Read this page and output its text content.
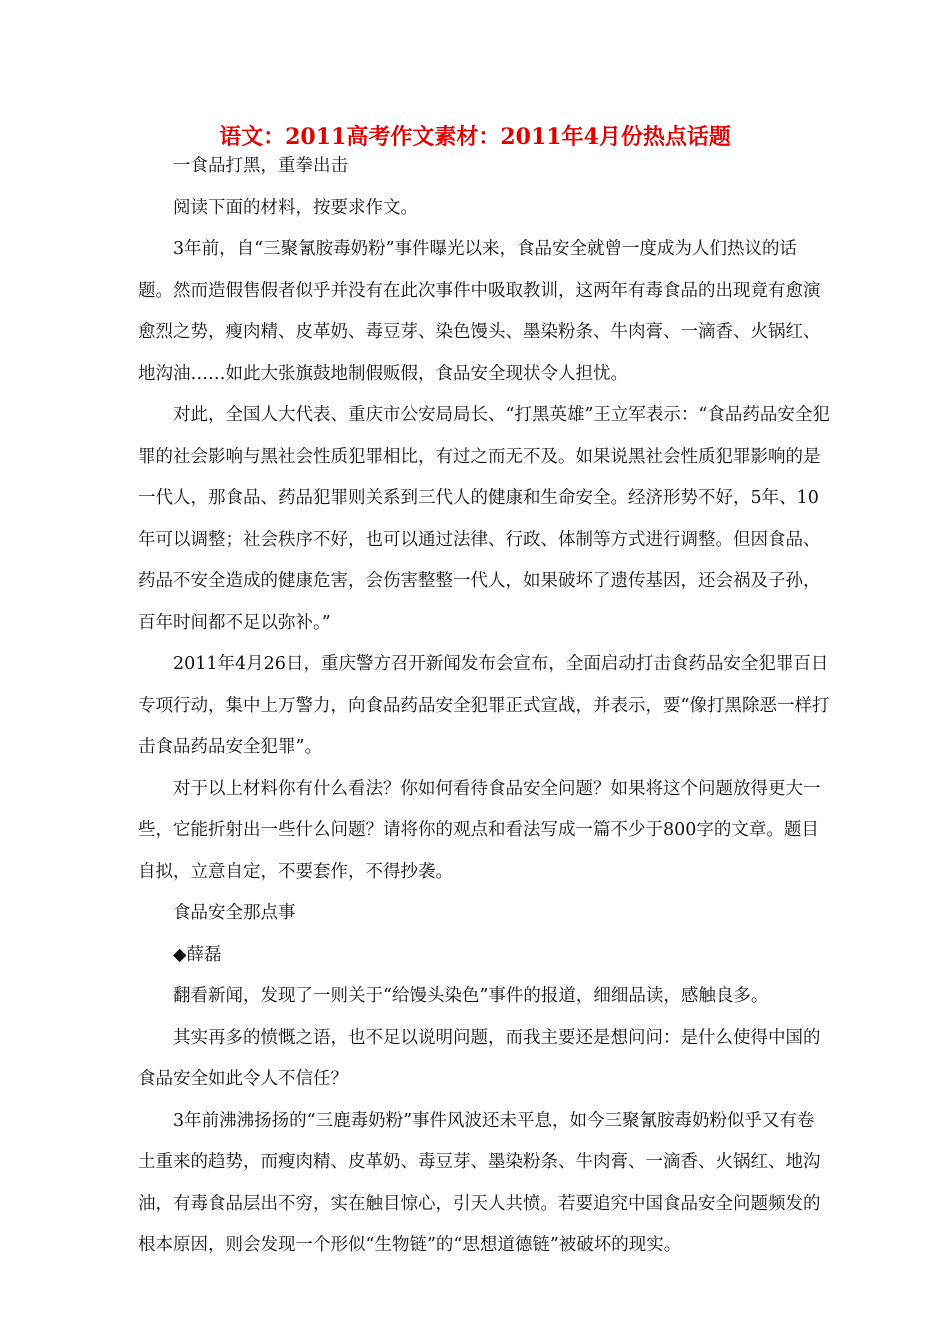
语文：2011高考作文素材：2011年4月份热点话题

一食品打黑，重拳出击

阅读下面的材料，按要求作文。

3年前，自“三聚氰胺毒奶粉”事件曝光以来，食品安全就曾一度成为人们热议的话题。然而造假售假者似乎并没有在此次事件中吸取教训，这两年有毒食品的出现竟有愈演愈烈之势，瘦肉精、皮革奶、毒豆芽、染色馒头、墨染粉条、牛肉膏、一滴香、火锅红、地沟油……如此大张旗鼓地制假贩假，食品安全现状令人担忧。

对此，全国人大代表、重庆市公安局局长、“打黑英雄”王立军表示：“食品药品安全犯罪的社会影响与黑社会性质犯罪相比，有过之而无不及。如果说黑社会性质犯罪影响的是一代人，那食品、药品犯罪则关系到三代人的健康和生命安全。经济形势不好，5年、10年可以调整；社会秩序不好，也可以通过法律、行政、体制等方式进行调整。但因食品、药品不安全造成的健康危害，会伤害整整一代人，如果破坏了遗传基因，还会祸及子孙，百年时间都不足以弥补。”

2011年4月26日，重庆警方召开新闻发布会宣布，全面启动打击食药品安全犯罪百日专项行动，集中上万警力，向食品药品安全犯罪正式宣战，并表示，要“像打黑除恶一样打击食品药品安全犯罪”。

对于以上材料你有什么看法？你如何看待食品安全问题？如果将这个问题放得更大一些，它能折射出一些什么问题？请将你的观点和看法写成一篇不少于800字的文章。题目自拟，立意自定，不要套作，不得抄袭。

食品安全那点事

◆薛磊

翻看新闻，发现了一则关于“给馒头染色”事件的报道，细细品读，感触良多。

其实再多的愤慨之语，也不足以说明问题，而我主要还是想问问：是什么使得中国的食品安全如此令人不信任？

3年前沸沸扬扬的“三鹿毒奶粉”事件风波还未平息，如今三聚氰胺毒奶粉似乎又有卷土重来的趋势，而瘦肉精、皮革奶、毒豆芽、墨染粉条、牛肉膏、一滴香、火锅红、地沟油，有毒食品层出不穷，实在触目惊心，引天人共愤。若要追究中国食品安全问题频发的根本原因，则会发现一个形似“生物链”的“思想道德链”被破坏的现实。
